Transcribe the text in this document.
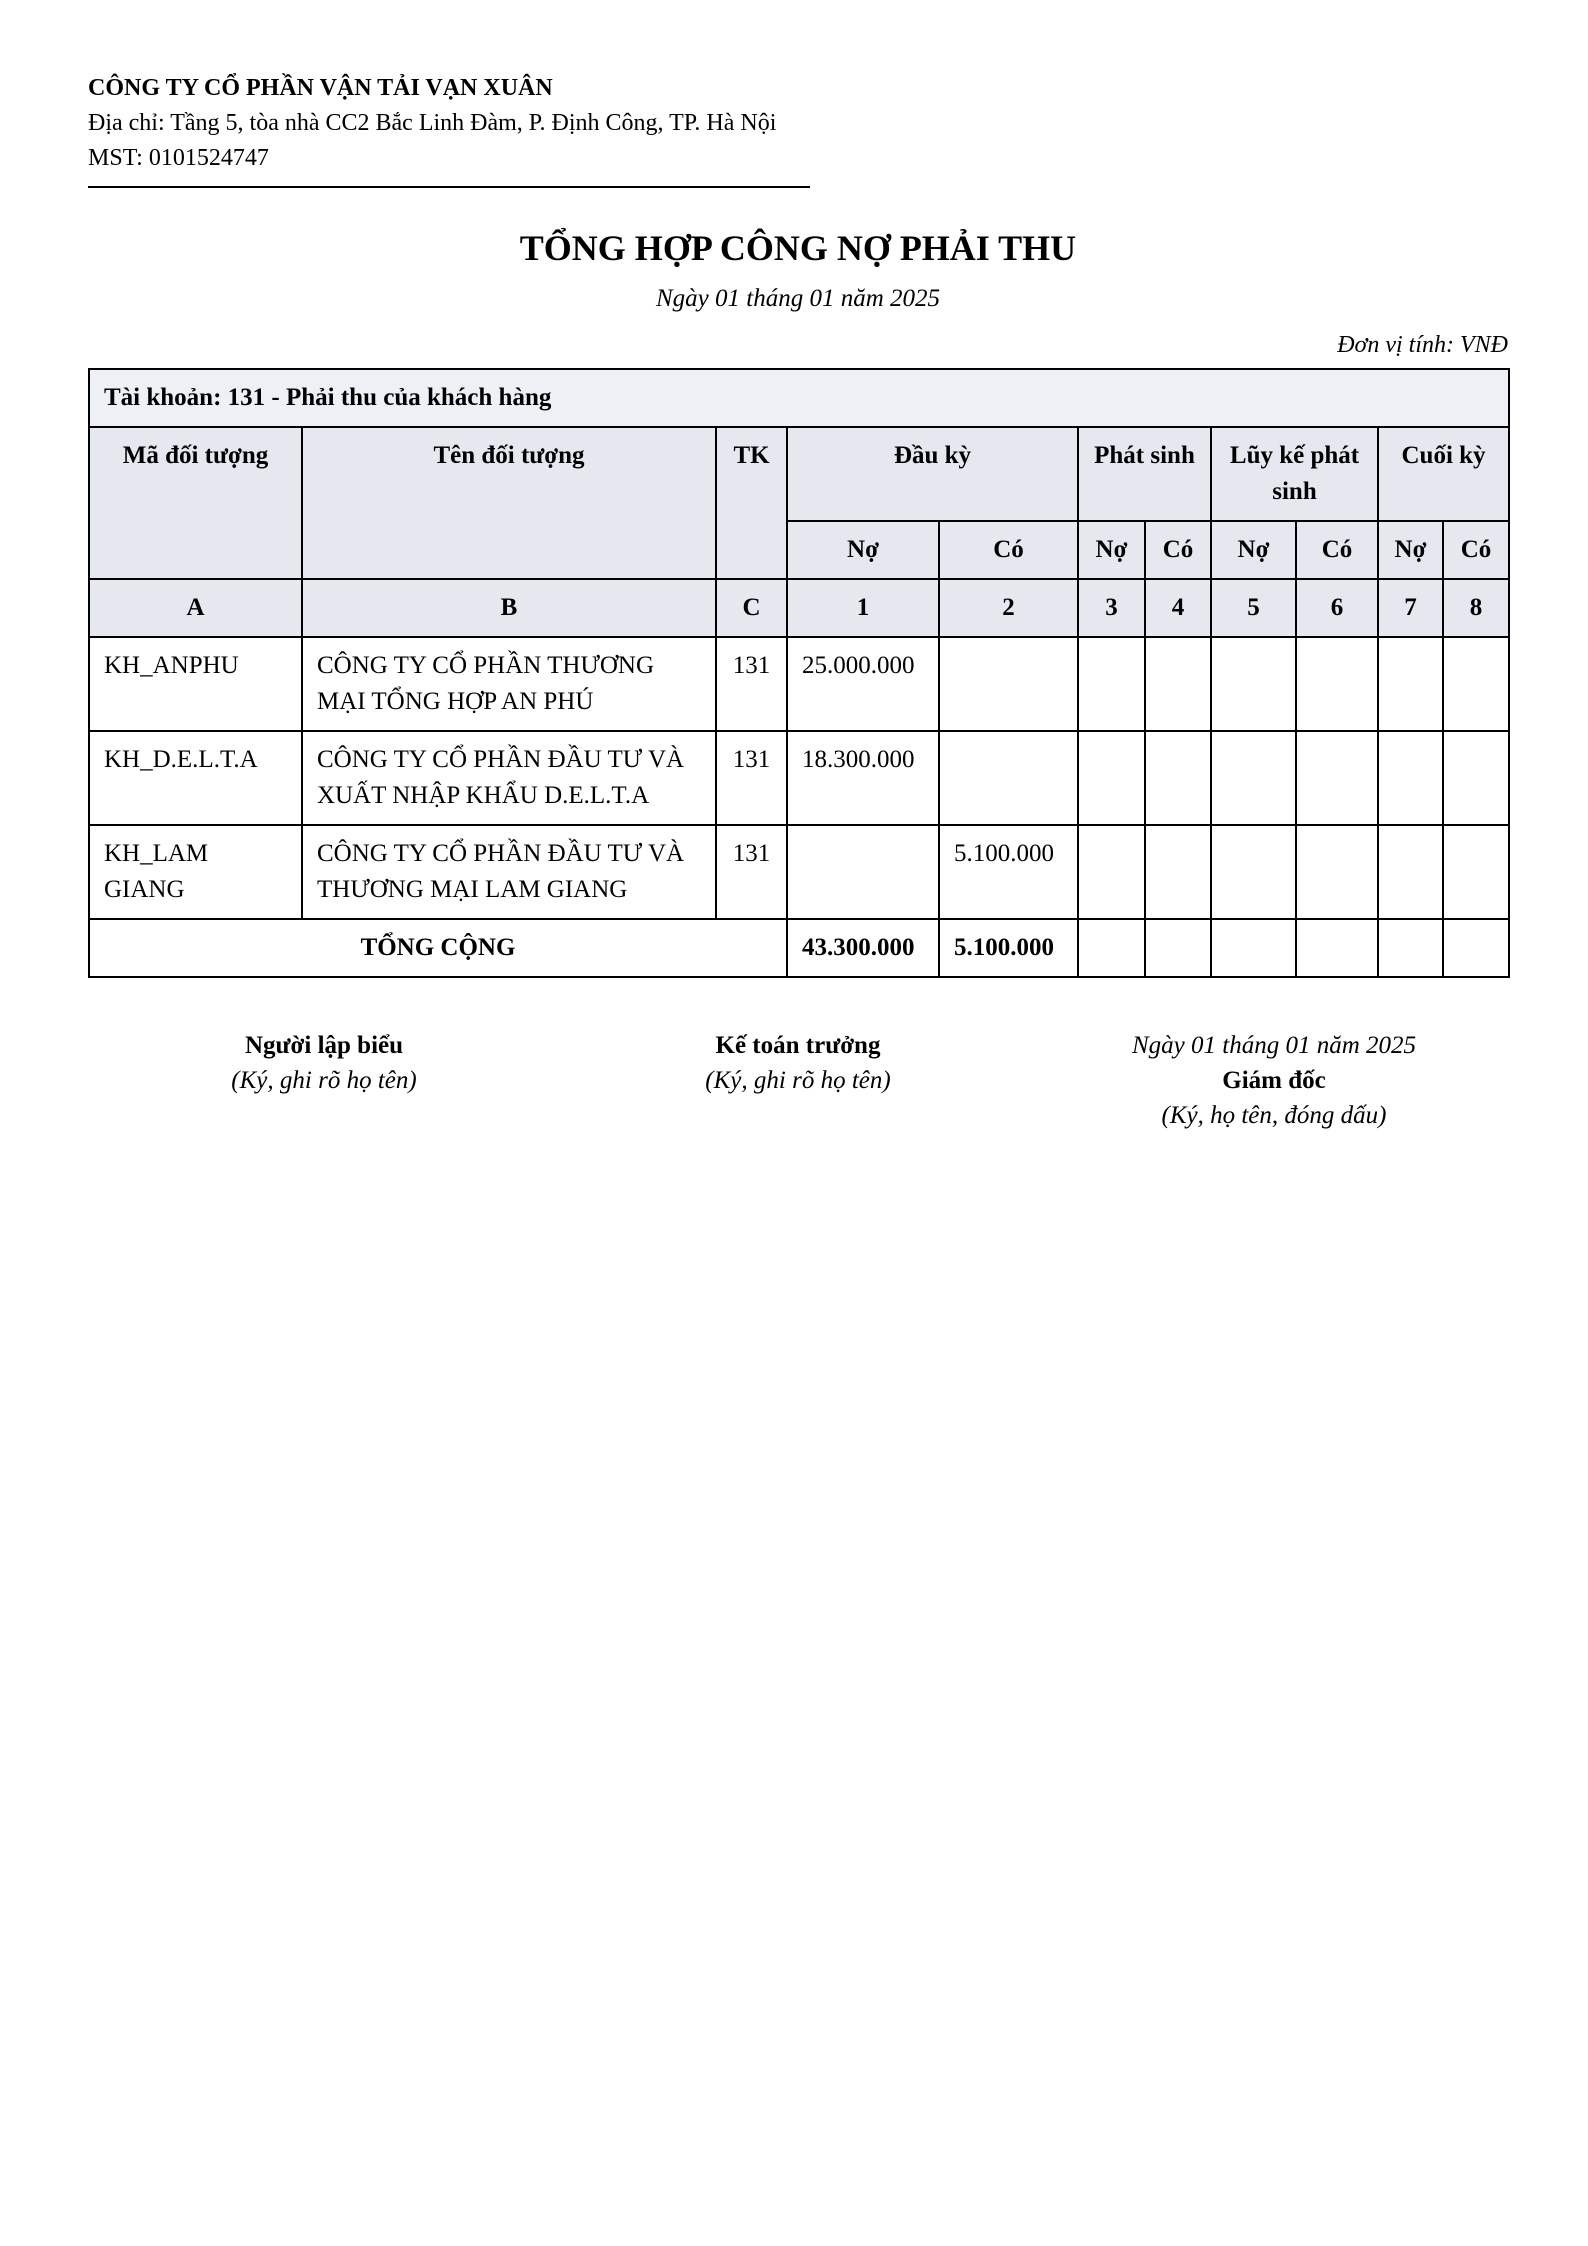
CÔNG TY CỔ PHẦN VẬN TẢI VẠN XUÂN
Địa chỉ: Tầng 5, tòa nhà CC2 Bắc Linh Đàm, P. Định Công, TP. Hà Nội
MST: 0101524747
TỔNG HỢP CÔNG NỢ PHẢI THU
Ngày 01 tháng 01 năm 2025
Đơn vị tính: VNĐ
Tài khoản: 131 - Phải thu của khách hàng										
Mã đối tượng	Tên đối tượng	TK	Đầu kỳ		Phát sinh		Lũy kế phát sinh		Cuối kỳ	
			Nợ	Có	Nợ	Có	Nợ	Có	Nợ	Có
A	B	C	1	2	3	4	5	6	7	8
KH_ANPHU	CÔNG TY CỔ PHẦN THƯƠNG MẠI TỔNG HỢP AN PHÚ	131	25.000.000							
KH_D.E.L.T.A	CÔNG TY CỔ PHẦN ĐẦU TƯ VÀ XUẤT NHẬP KHẨU D.E.L.T.A	131	18.300.000							
KH_LAM GIANG	CÔNG TY CỔ PHẦN ĐẦU TƯ VÀ THƯƠNG MẠI LAM GIANG	131		5.100.000						
TỔNG CỘNG			43.300.000	5.100.000						
Người lập biểu
(Ký, ghi rõ họ tên)
Kế toán trưởng
(Ký, ghi rõ họ tên)
Ngày 01 tháng 01 năm 2025
Giám đốc
(Ký, họ tên, đóng dấu)
